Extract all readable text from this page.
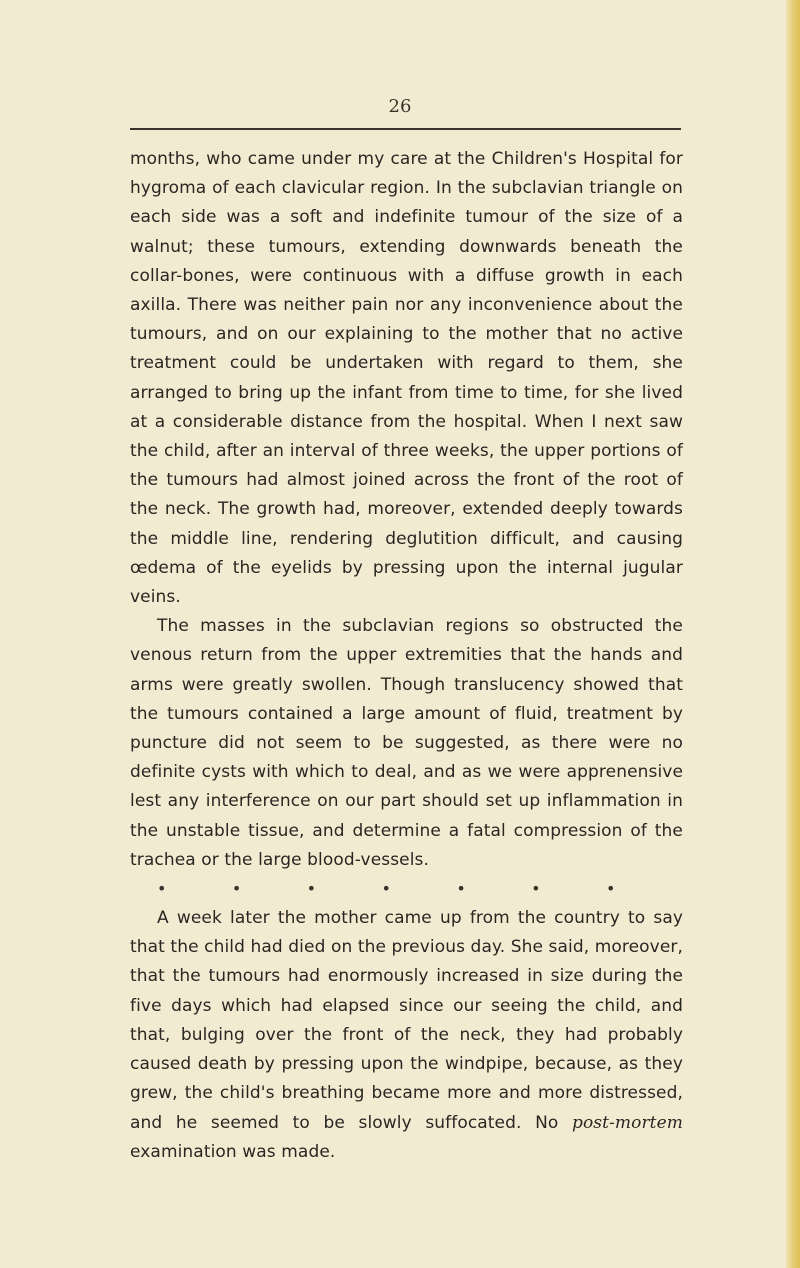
26

months, who came under my care at the Children's Hospital for hygroma of each clavicular region. In the subclavian triangle on each side was a soft and indefinite tumour of the size of a walnut; these tumours, extending downwards beneath the collar-bones, were continuous with a diffuse growth in each axilla. There was neither pain nor any inconvenience about the tumours, and on our explaining to the mother that no active treatment could be undertaken with regard to them, she arranged to bring up the infant from time to time, for she lived at a considerable distance from the hospital. When I next saw the child, after an interval of three weeks, the upper portions of the tumours had almost joined across the front of the root of the neck. The growth had, moreover, extended deeply towards the middle line, rendering deglutition difficult, and causing œdema of the eyelids by pressing upon the internal jugular veins.

The masses in the subclavian regions so obstructed the venous return from the upper extremities that the hands and arms were greatly swollen. Though translucency showed that the tumours contained a large amount of fluid, treatment by puncture did not seem to be suggested, as there were no definite cysts with which to deal, and as we were apprenensive lest any interference on our part should set up inflammation in the unstable tissue, and determine a fatal compression of the trachea or the large blood-vessels.

•	•	•	•	•	•	•

A week later the mother came up from the country to say that the child had died on the previous day. She said, moreover, that the tumours had enormously increased in size during the five days which had elapsed since our seeing the child, and that, bulging over the front of the neck, they had probably caused death by pressing upon the windpipe, because, as they grew, the child's breathing became more and more distressed, and he seemed to be slowly suffocated. No post-mortem examination was made.
